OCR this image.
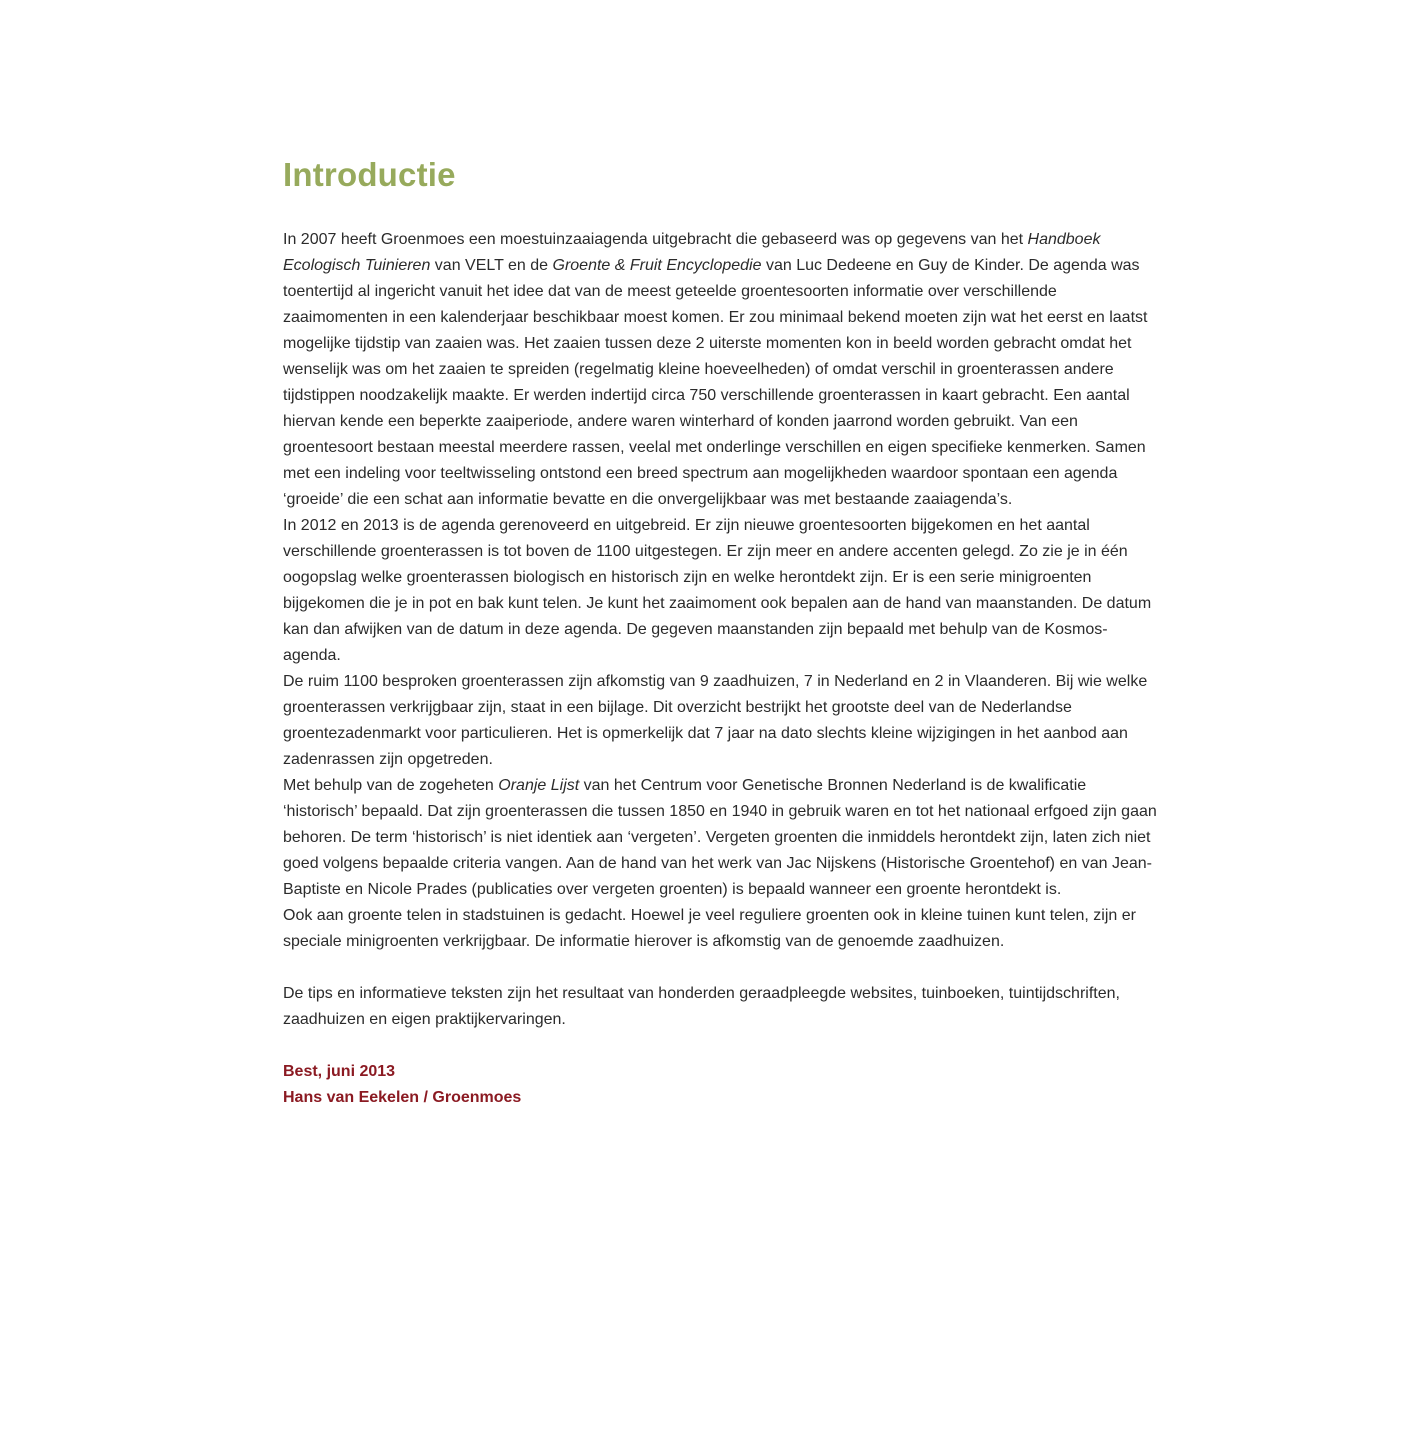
Introductie

In 2007 heeft Groenmoes een moestuinzaaiagenda uitgebracht die gebaseerd was op gegevens van het Handboek Ecologisch Tuinieren van VELT en de Groente & Fruit Encyclopedie van Luc Dedeene en Guy de Kinder. De agenda was toentertijd al ingericht vanuit het idee dat van de meest geteelde groentesoorten informatie over verschillende zaaimomenten in een kalenderjaar beschikbaar moest komen. Er zou minimaal bekend moeten zijn wat het eerst en laatst mogelijke tijdstip van zaaien was. Het zaaien tussen deze 2 uiterste momenten kon in beeld worden gebracht omdat het wenselijk was om het zaaien te spreiden (regelmatig kleine hoeveelheden) of omdat verschil in groenterassen andere tijdstippen noodzakelijk maakte. Er werden indertijd circa 750 verschillende groenterassen in kaart gebracht. Een aantal hiervan kende een beperkte zaaiperiode, andere waren winterhard of konden jaarrond worden gebruikt. Van een groentesoort bestaan meestal meerdere rassen, veelal met onderlinge verschillen en eigen specifieke kenmerken. Samen met een indeling voor teeltwisseling ontstond een breed spectrum aan mogelijkheden waardoor spontaan een agenda ‘groeide’ die een schat aan informatie bevatte en die onvergelijkbaar was met bestaande zaaiagenda’s.

In 2012 en 2013 is de agenda gerenoveerd en uitgebreid. Er zijn nieuwe groentesoorten bijgekomen en het aantal verschillende groenterassen is tot boven de 1100 uitgestegen. Er zijn meer en andere accenten gelegd. Zo zie je in één oogopslag welke groenterassen biologisch en historisch zijn en welke herontdekt zijn. Er is een serie minigroenten bijgekomen die je in pot en bak kunt telen. Je kunt het zaaimoment ook bepalen aan de hand van maanstanden. De datum kan dan afwijken van de datum in deze agenda. De gegeven maanstanden zijn bepaald met behulp van de Kosmos-agenda.

De ruim 1100 besproken groenterassen zijn afkomstig van 9 zaadhuizen, 7 in Nederland en 2 in Vlaanderen. Bij wie welke groenterassen verkrijgbaar zijn, staat in een bijlage. Dit overzicht bestrijkt het grootste deel van de Nederlandse groentezadenmarkt voor particulieren. Het is opmerkelijk dat 7 jaar na dato slechts kleine wijzigingen in het aanbod aan zadenrassen zijn opgetreden.

Met behulp van de zogeheten Oranje Lijst van het Centrum voor Genetische Bronnen Nederland is de kwalificatie ‘historisch’ bepaald. Dat zijn groenterassen die tussen 1850 en 1940 in gebruik waren en tot het nationaal erfgoed zijn gaan behoren. De term ‘historisch’ is niet identiek aan ‘vergeten’. Vergeten groenten die inmiddels herontdekt zijn, laten zich niet goed volgens bepaalde criteria vangen. Aan de hand van het werk van Jac Nijskens (Historische Groentehof) en van Jean-Baptiste en Nicole Prades (publicaties over vergeten groenten) is bepaald wanneer een groente herontdekt is.

Ook aan groente telen in stadstuinen is gedacht. Hoewel je veel reguliere groenten ook in kleine tuinen kunt telen, zijn er speciale minigroenten verkrijgbaar. De informatie hierover is afkomstig van de genoemde zaadhuizen.

De tips en informatieve teksten zijn het resultaat van honderden geraadpleegde websites, tuinboeken, tuintijdschriften, zaadhuizen en eigen praktijkervaringen.

Best, juni 2013

Hans van Eekelen / Groenmoes
